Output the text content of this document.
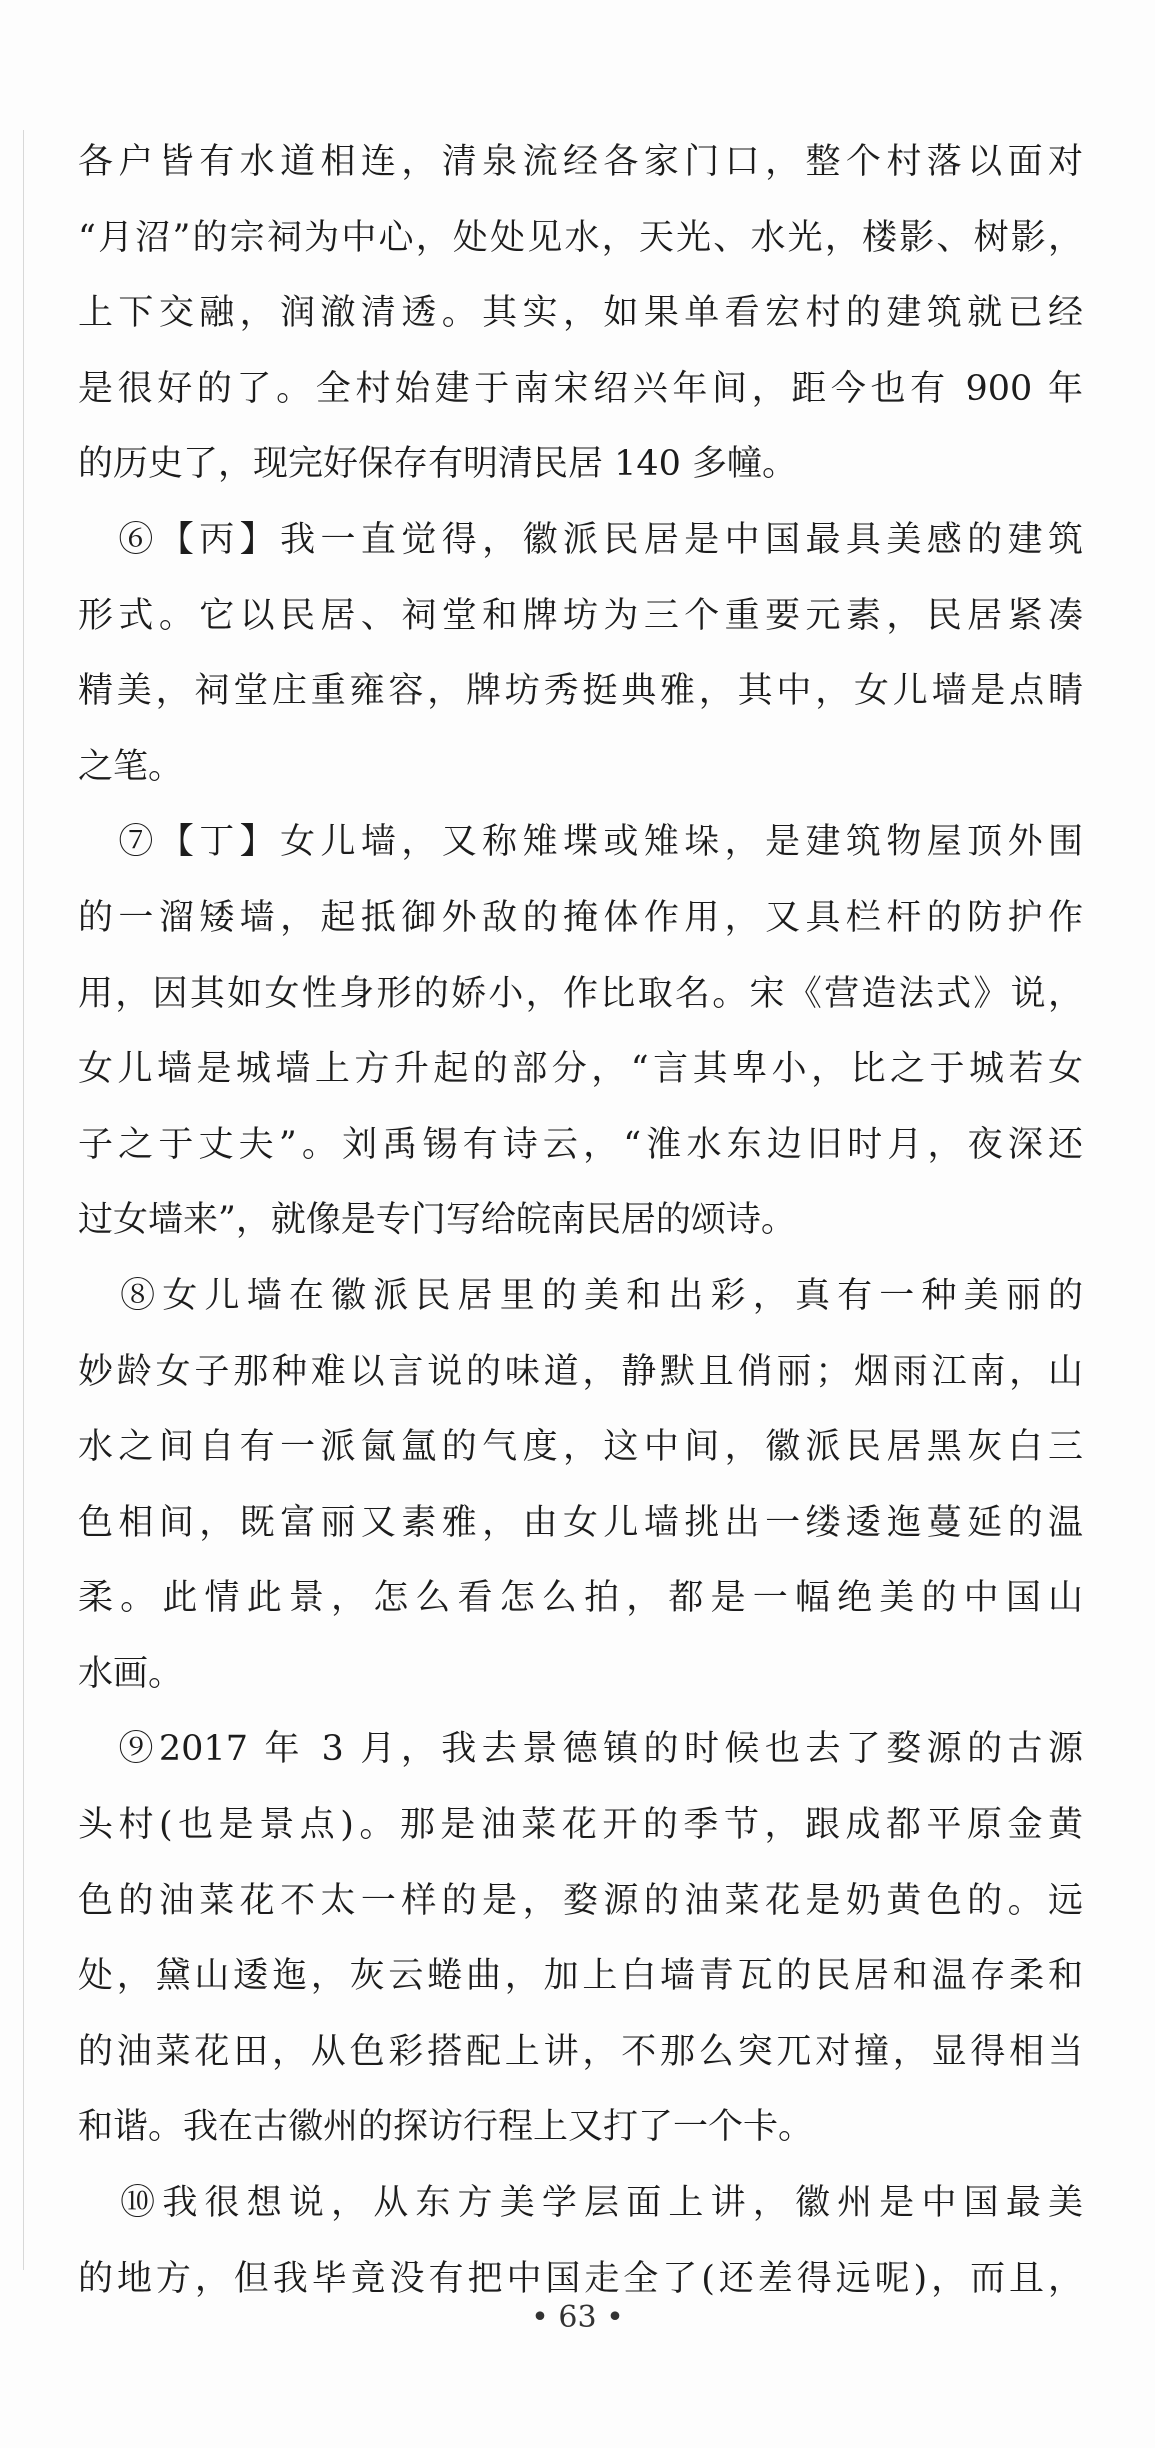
各户皆有水道相连，清泉流经各家门口，整个村落以面对
“月沼”的宗祠为中心，处处见水，天光、水光，楼影、树影，
上下交融，润澈清透。其实，如果单看宏村的建筑就已经
是很好的了。全村始建于南宋绍兴年间，距今也有 900 年
的历史了，现完好保存有明清民居 140 多幢。
　⑥【丙】我一直觉得，徽派民居是中国最具美感的建筑
形式。它以民居、祠堂和牌坊为三个重要元素，民居紧凑
精美，祠堂庄重雍容，牌坊秀挺典雅，其中，女儿墙是点睛
之笔。
　⑦【丁】女儿墙，又称雉堞或雉垛，是建筑物屋顶外围
的一溜矮墙，起抵御外敌的掩体作用，又具栏杆的防护作
用，因其如女性身形的娇小，作比取名。宋《营造法式》说，
女儿墙是城墙上方升起的部分，“言其卑小，比之于城若女
子之于丈夫”。刘禹锡有诗云，“淮水东边旧时月，夜深还
过女墙来”，就像是专门写给皖南民居的颂诗。
　⑧女儿墙在徽派民居里的美和出彩，真有一种美丽的
妙龄女子那种难以言说的味道，静默且俏丽；烟雨江南，山
水之间自有一派氤氲的气度，这中间，徽派民居黑灰白三
色相间，既富丽又素雅，由女儿墙挑出一缕逶迤蔓延的温
柔。此情此景，怎么看怎么拍，都是一幅绝美的中国山
水画。
　⑨2017 年 3 月，我去景德镇的时候也去了婺源的古源
头村(也是景点)。那是油菜花开的季节，跟成都平原金黄
色的油菜花不太一样的是，婺源的油菜花是奶黄色的。远
处，黛山逶迤，灰云蜷曲，加上白墙青瓦的民居和温存柔和
的油菜花田，从色彩搭配上讲，不那么突兀对撞，显得相当
和谐。我在古徽州的探访行程上又打了一个卡。
　⑩我很想说，从东方美学层面上讲，徽州是中国最美
的地方，但我毕竟没有把中国走全了(还差得远呢)，而且，
• 63 •
